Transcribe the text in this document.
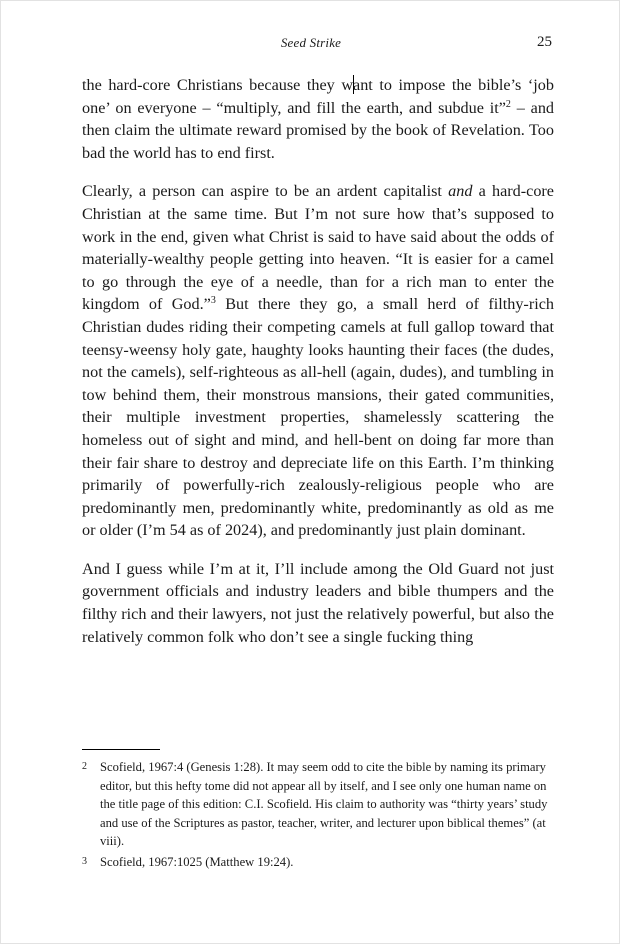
Seed Strike	25

the hard-core Christians because they want to impose the bible’s ‘job one’ on everyone – “multiply, and fill the earth, and subdue it”$^2$ – and then claim the ultimate reward promised by the book of Revelation. Too bad the world has to end first.

Clearly, a person can aspire to be an ardent capitalist and a hard-core Christian at the same time. But I’m not sure how that’s supposed to work in the end, given what Christ is said to have said about the odds of materially-wealthy people getting into heaven. “It is easier for a camel to go through the eye of a needle, than for a rich man to enter the kingdom of God.”$^3$ But there they go, a small herd of filthy-rich Christian dudes riding their competing camels at full gallop toward that teensy-weensy holy gate, haughty looks haunting their faces (the dudes, not the camels), self-righteous as all-hell (again, dudes), and tumbling in tow behind them, their monstrous mansions, their gated communities, their multiple investment properties, shamelessly scattering the homeless out of sight and mind, and hell-bent on doing far more than their fair share to destroy and depreciate life on this Earth. I’m thinking primarily of powerfully-rich zealously-religious people who are predominantly men, predominantly white, predominantly as old as me or older (I’m 54 as of 2024), and predominantly just plain dominant.

And I guess while I’m at it, I’ll include among the Old Guard not just government officials and industry leaders and bible thumpers and the filthy rich and their lawyers, not just the relatively powerful, but also the relatively common folk who don’t see a single fucking thing

2	Scofield, 1967:4 (Genesis 1:28). It may seem odd to cite the bible by naming its primary editor, but this hefty tome did not appear all by itself, and I see only one human name on the title page of this edition: C.I. Scofield. His claim to authority was “thirty years’ study and use of the Scriptures as pastor, teacher, writer, and lecturer upon biblical themes” (at viii).
3	Scofield, 1967:1025 (Matthew 19:24).
